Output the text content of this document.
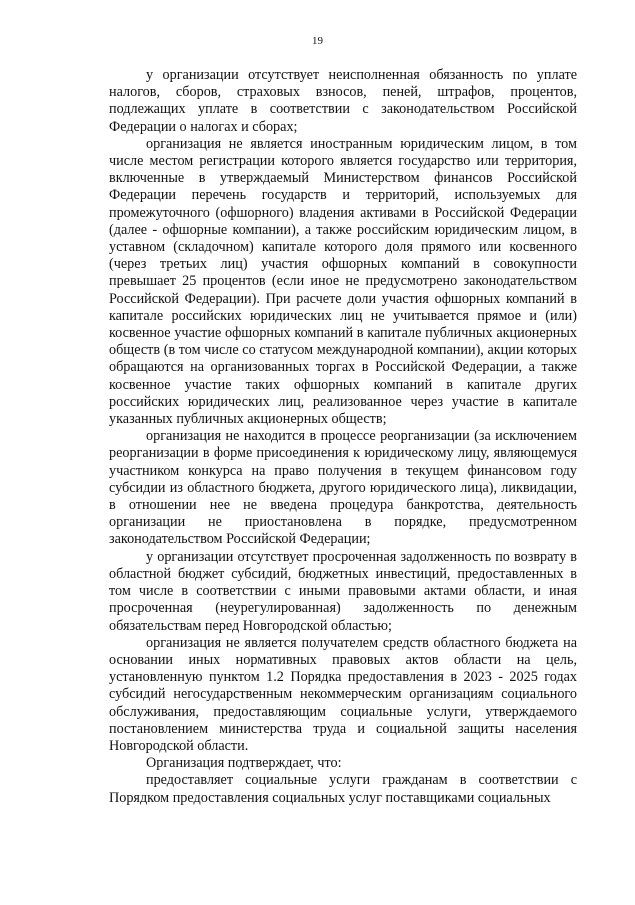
19

у организации отсутствует неисполненная обязанность по уплате налогов, сборов, страховых взносов, пеней, штрафов, процентов, подлежащих уплате в соответствии с законодательством Российской Федерации о налогах и сборах;

организация не является иностранным юридическим лицом, в том числе местом регистрации которого является государство или территория, включенные в утверждаемый Министерством финансов Российской Федерации перечень государств и территорий, используемых для промежуточного (офшорного) владения активами в Российской Федерации (далее - офшорные компании), а также российским юридическим лицом, в уставном (складочном) капитале которого доля прямого или косвенного (через третьих лиц) участия офшорных компаний в совокупности превышает 25 процентов (если иное не предусмотрено законодательством Российской Федерации). При расчете доли участия офшорных компаний в капитале российских юридических лиц не учитывается прямое и (или) косвенное участие офшорных компаний в капитале публичных акционерных обществ (в том числе со статусом международной компании), акции которых обращаются на организованных торгах в Российской Федерации, а также косвенное участие таких офшорных компаний в капитале других российских юридических лиц, реализованное через участие в капитале указанных публичных акционерных обществ;

организация не находится в процессе реорганизации (за исключением реорганизации в форме присоединения к юридическому лицу, являющемуся участником конкурса на право получения в текущем финансовом году субсидии из областного бюджета, другого юридического лица), ликвидации, в отношении нее не введена процедура банкротства, деятельность организации не приостановлена в порядке, предусмотренном законодательством Российской Федерации;

у организации отсутствует просроченная задолженность по возврату в областной бюджет субсидий, бюджетных инвестиций, предоставленных в том числе в соответствии с иными правовыми актами области, и иная просроченная (неурегулированная) задолженность по денежным обязательствам перед Новгородской областью;

организация не является получателем средств областного бюджета на основании иных нормативных правовых актов области на цель, установленную пунктом 1.2 Порядка предоставления в 2023 - 2025 годах субсидий негосударственным некоммерческим организациям социального обслуживания, предоставляющим социальные услуги, утверждаемого постановлением министерства труда и социальной защиты населения Новгородской области.

Организация подтверждает, что:

предоставляет социальные услуги гражданам в соответствии с Порядком предоставления социальных услуг поставщиками социальных
